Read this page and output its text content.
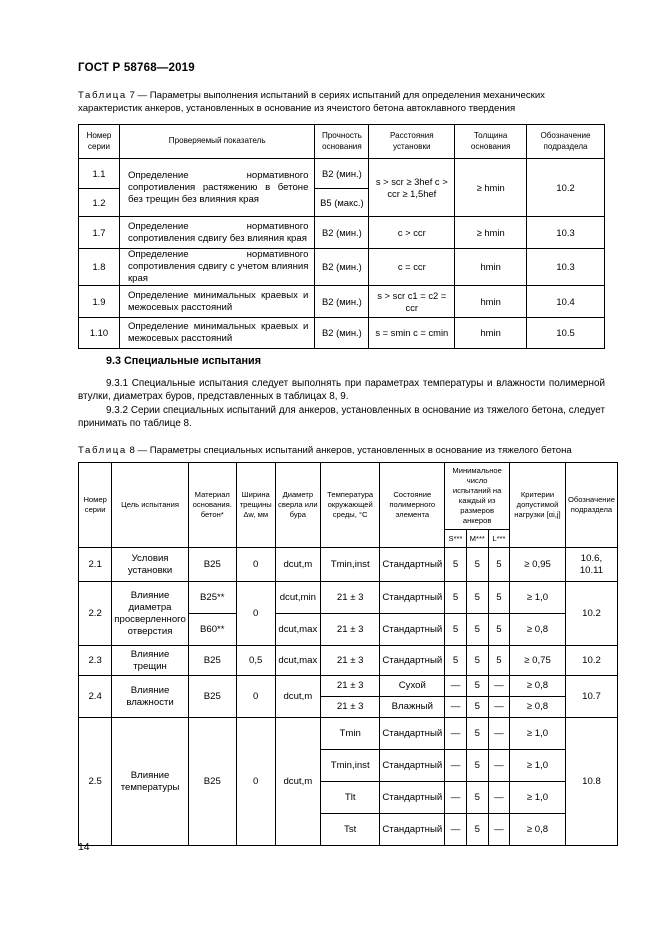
ГОСТ Р 58768—2019
Таблица 7 — Параметры выполнения испытаний в сериях испытаний для определения механических характеристик анкеров, установленных в основание из ячеистого бетона автоклавного твердения
Номер серии	Проверяемый показатель	Прочность основания	Расстояния установки	Толщина основания	Обозначение подраздела
1.1	Определение нормативного сопротивления растяжению в бетоне без трещин без влияния края	В2 (мин.)	s > scr ≥ 3hef c > ccr ≥ 1,5hef	≥ hmin	10.2
1.2		В5 (макс.)			
1.7	Определение нормативного сопротивления сдвигу без влияния края	В2 (мин.)	c > ccr	≥ hmin	10.3
1.8	Определение нормативного сопротивления сдвигу с учетом влияния края	В2 (мин.)	c = ccr	hmin	10.3
1.9	Определение минимальных краевых и межосевых расстояний	В2 (мин.)	s > scr c1 = c2 = ccr	hmin	10.4
1.10	Определение минимальных краевых и межосевых расстояний	В2 (мин.)	s = smin c = cmin	hmin	10.5
9.3 Специальные испытания
9.3.1 Специальные испытания следует выполнять при параметрах температуры и влажности полимерной втулки, диаметрах буров, представленных в таблицах 8, 9.
9.3.2 Серии специальных испытаний для анкеров, установленных в основание из тяжелого бетона, следует принимать по таблице 8.
Таблица 8 — Параметры специальных испытаний анкеров, установленных в основание из тяжелого бетона
Номер серии	Цель испытания	Материал основания. бетон*	Ширина трещины Δw, мм	Диаметр сверла или бура	Температура окружающей среды, °С	Состояние полимерного элемента	Минимальное число испытаний на каждый из размеров анкеров			Критерии допустимой нагрузки [αi,j]	Обозначение подраздела
							S***	M***	L***		
2.1	Условия установки	В25	0	dcut,m	Tmin,inst	Стандартный	5	5	5	≥ 0,95	10.6, 10.11
2.2	Влияние диаметра просверленного отверстия	В25**	0	dcut,min	21 ± 3	Стандартный	5	5	5	≥ 1,0	10.2
		В60**		dcut,max	21 ± 3	Стандартный	5	5	5	≥ 0,8	
2.3	Влияние трещин	В25	0,5	dcut,max	21 ± 3	Стандартный	5	5	5	≥ 0,75	10.2
2.4	Влияние влажности	В25	0	dcut,m	21 ± 3	Сухой	—	5	—	≥ 0,8	10.7
					21 ± 3	Влажный	—	5	—	≥ 0,8	
2.5	Влияние температуры	В25	0	dcut,m	Tmin	Стандартный	—	5	—	≥ 1,0	10.8
					Tmin,inst	Стандартный	—	5	—	≥ 1,0	
					Tlt	Стандартный	—	5	—	≥ 1,0	
					Tst	Стандартный	—	5	—	≥ 0,8	
14
